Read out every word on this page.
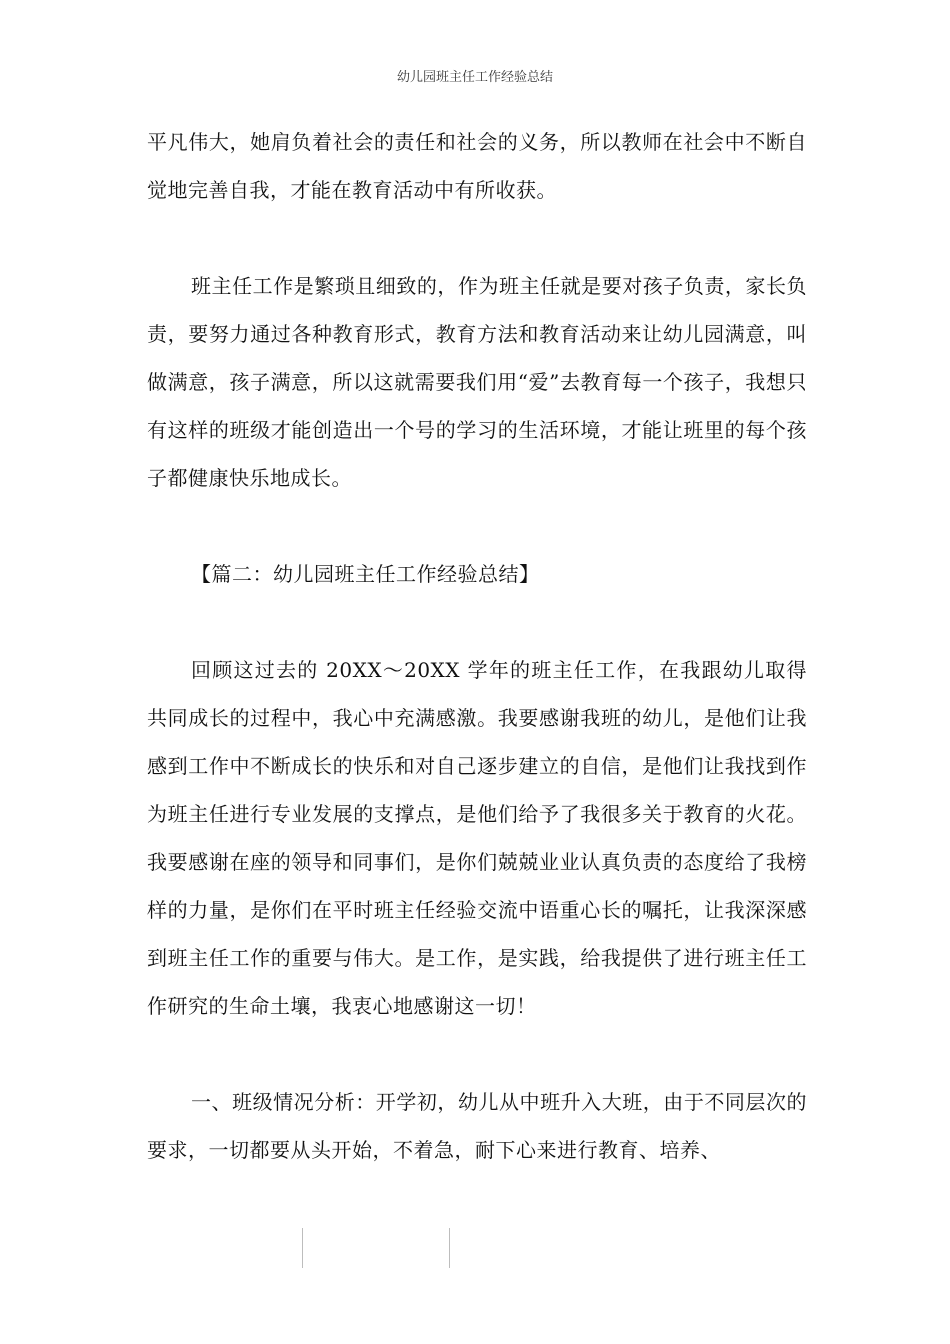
幼儿园班主任工作经验总结

平凡伟大，她肩负着社会的责任和社会的义务，所以教师在社会中不断自觉地完善自我，才能在教育活动中有所收获。

班主任工作是繁琐且细致的，作为班主任就是要对孩子负责，家长负责，要努力通过各种教育形式，教育方法和教育活动来让幼儿园满意，叫做满意，孩子满意，所以这就需要我们用“爱”去教育每一个孩子，我想只有这样的班级才能创造出一个号的学习的生活环境，才能让班里的每个孩子都健康快乐地成长。

【篇二：幼儿园班主任工作经验总结】

回顾这过去的 20XX～20XX 学年的班主任工作，在我跟幼儿取得共同成长的过程中，我心中充满感激。我要感谢我班的幼儿，是他们让我感到工作中不断成长的快乐和对自己逐步建立的自信，是他们让我找到作为班主任进行专业发展的支撑点，是他们给予了我很多关于教育的火花。我要感谢在座的领导和同事们，是你们兢兢业业认真负责的态度给了我榜样的力量，是你们在平时班主任经验交流中语重心长的嘱托，让我深深感到班主任工作的重要与伟大。是工作，是实践，给我提供了进行班主任工作研究的生命土壤，我衷心地感谢这一切！

一、班级情况分析：开学初，幼儿从中班升入大班，由于不同层次的要求，一切都要从头开始，不着急，耐下心来进行教育、培养、
